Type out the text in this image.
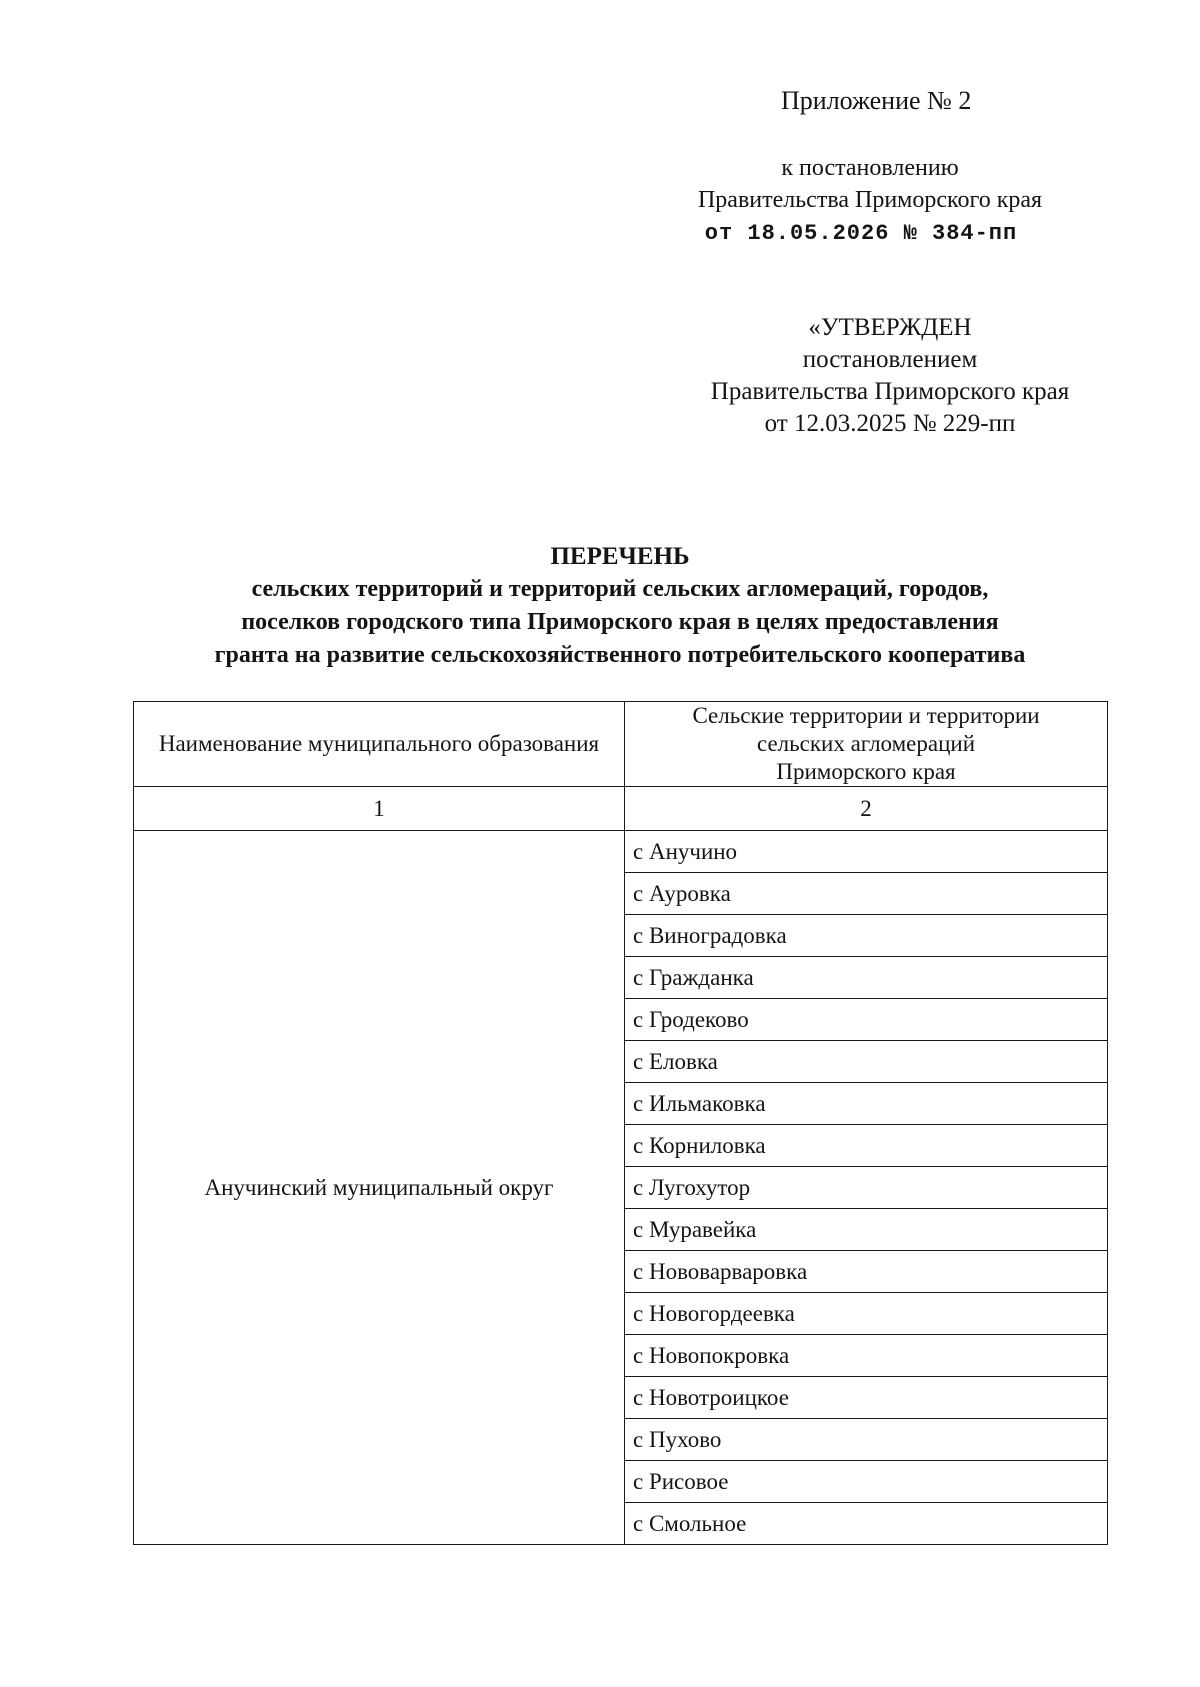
Приложение № 2
к постановлению
Правительства Приморского края
от 18.05.2026 № 384-пп
«УТВЕРЖДЕН
постановлением
Правительства Приморского края
от 12.03.2025 № 229-пп
ПЕРЕЧЕНЬ
сельских территорий и территорий сельских агломераций, городов,
поселков городского типа Приморского края в целях предоставления
гранта на развитие сельскохозяйственного потребительского кооператива
Наименование муниципального образования	Сельские территории и территории
сельских агломераций
Приморского края

1	2
Анучинский муниципальный округ	с Анучино
	с Ауровка
	с Виноградовка
	с Гражданка
	с Гродеково
	с Еловка
	с Ильмаковка
	с Корниловка
	с Лугохутор
	с Муравейка
	с Нововарваровка
	с Новогордеевка
	с Новопокровка
	с Новотроицкое
	с Пухово
	с Рисовое
	с Смольное
